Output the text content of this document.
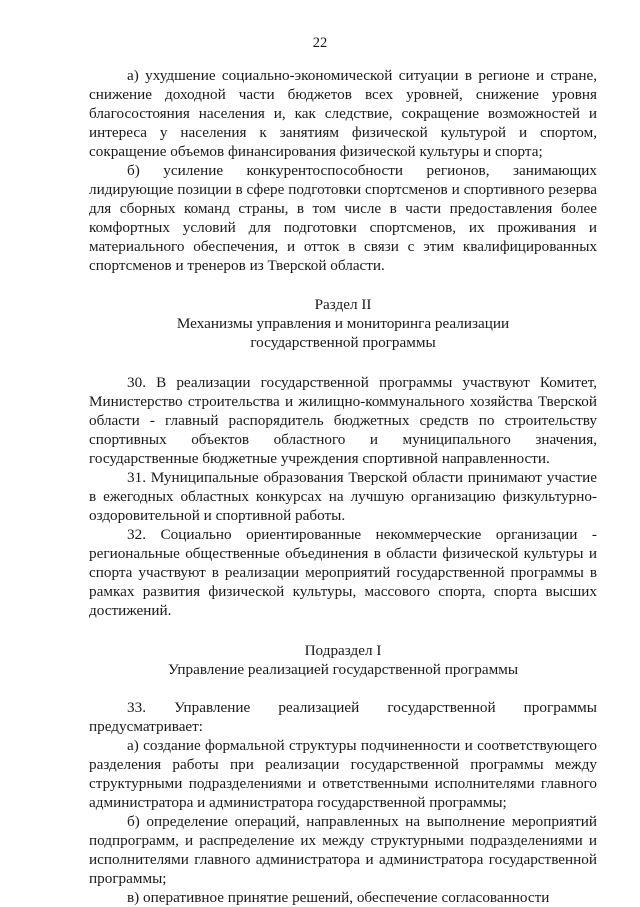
22

а) ухудшение социально-экономической ситуации в регионе и стране, снижение доходной части бюджетов всех уровней, снижение уровня благосостояния населения и, как следствие, сокращение возможностей и интереса у населения к занятиям физической культурой и спортом, сокращение объемов финансирования физической культуры и спорта;

б) усиление конкурентоспособности регионов, занимающих лидирующие позиции в сфере подготовки спортсменов и спортивного резерва для сборных команд страны, в том числе в части предоставления более комфортных условий для подготовки спортсменов, их проживания и материального обеспечения, и отток в связи с этим квалифицированных спортсменов и тренеров из Тверской области.

Раздел II
Механизмы управления и мониторинга реализации
государственной программы

30. В реализации государственной программы участвуют Комитет, Министерство строительства и жилищно-коммунального хозяйства Тверской области - главный распорядитель бюджетных средств по строительству спортивных объектов областного и муниципального значения, государственные бюджетные учреждения спортивной направленности.

31. Муниципальные образования Тверской области принимают участие в ежегодных областных конкурсах на лучшую организацию физкультурно-оздоровительной и спортивной работы.

32. Социально ориентированные некоммерческие организации - региональные общественные объединения в области физической культуры и спорта участвуют в реализации мероприятий государственной программы в рамках развития физической культуры, массового спорта, спорта высших достижений.

Подраздел I
Управление реализацией государственной программы

33. Управление реализацией государственной программы предусматривает:

а) создание формальной структуры подчиненности и соответствующего разделения работы при реализации государственной программы между структурными подразделениями и ответственными исполнителями главного администратора и администратора государственной программы;

б) определение операций, направленных на выполнение мероприятий подпрограмм, и распределение их между структурными подразделениями и исполнителями главного администратора и администратора государственной программы;

в) оперативное принятие решений, обеспечение согласованности
